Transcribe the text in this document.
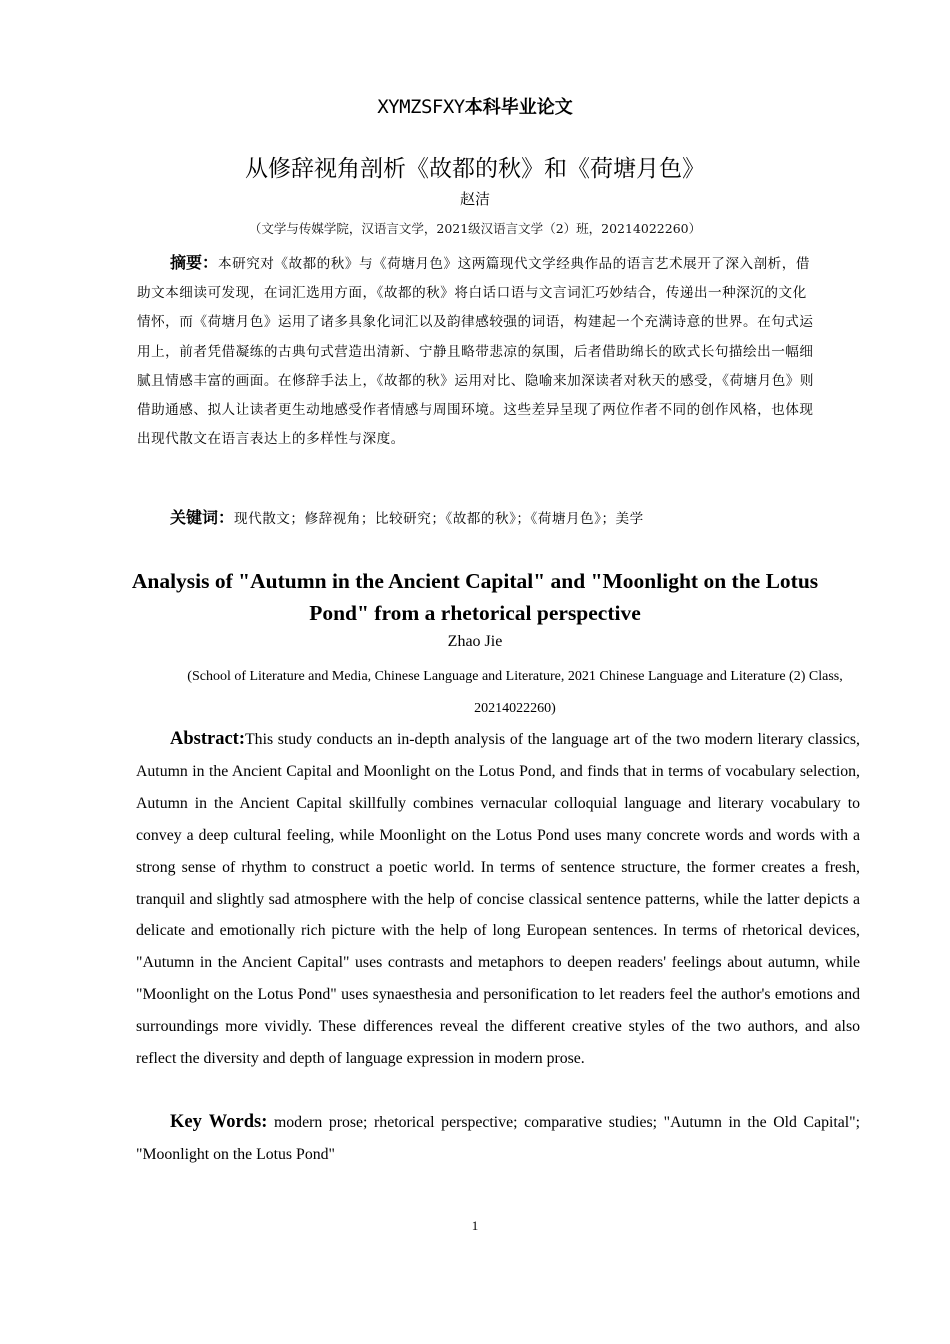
XYMZSFXY本科毕业论文
从修辞视角剖析《故都的秋》和《荷塘月色》
赵洁
（文学与传媒学院，汉语言文学，2021级汉语言文学（2）班，20214022260）

摘要：本研究对《故都的秋》与《荷塘月色》这两篇现代文学经典作品的语言艺术展开了深入剖析，借助文本细读可发现，在词汇选用方面，《故都的秋》将白话口语与文言词汇巧妙结合，传递出一种深沉的文化情怀，而《荷塘月色》运用了诸多具象化词汇以及韵律感较强的词语，构建起一个充满诗意的世界。在句式运用上，前者凭借凝练的古典句式营造出清新、宁静且略带悲凉的氛围，后者借助绵长的欧式长句描绘出一幅细腻且情感丰富的画面。在修辞手法上，《故都的秋》运用对比、隐喻来加深读者对秋天的感受，《荷塘月色》则借助通感、拟人让读者更生动地感受作者情感与周围环境。这些差异呈现了两位作者不同的创作风格，也体现出现代散文在语言表达上的多样性与深度。

关键词：现代散文；修辞视角；比较研究；《故都的秋》；《荷塘月色》；美学

Analysis of "Autumn in the Ancient Capital" and "Moonlight on the Lotus Pond" from a rhetorical perspective

Zhao Jie

(School of Literature and Media, Chinese Language and Literature, 2021 Chinese Language and Literature (2) Class, 20214022260)

Abstract:This study conducts an in-depth analysis of the language art of the two modern literary classics, Autumn in the Ancient Capital and Moonlight on the Lotus Pond, and finds that in terms of vocabulary selection, Autumn in the Ancient Capital skillfully combines vernacular colloquial language and literary vocabulary to convey a deep cultural feeling, while Moonlight on the Lotus Pond uses many concrete words and words with a strong sense of rhythm to construct a poetic world. In terms of sentence structure, the former creates a fresh, tranquil and slightly sad atmosphere with the help of concise classical sentence patterns, while the latter depicts a delicate and emotionally rich picture with the help of long European sentences. In terms of rhetorical devices, "Autumn in the Ancient Capital" uses contrasts and metaphors to deepen readers' feelings about autumn, while "Moonlight on the Lotus Pond" uses synaesthesia and personification to let readers feel the author's emotions and surroundings more vividly. These differences reveal the different creative styles of the two authors, and also reflect the diversity and depth of language expression in modern prose.

Key Words: modern prose; rhetorical perspective; comparative studies; "Autumn in the Old Capital"; "Moonlight on the Lotus Pond"

1
